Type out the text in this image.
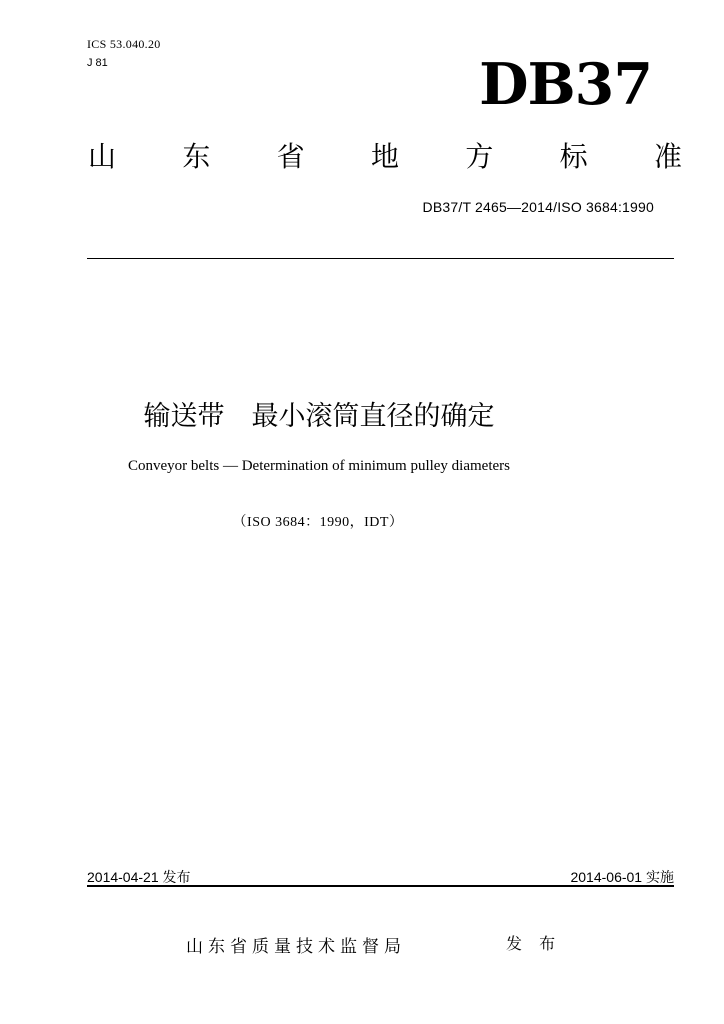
ICS 53.040.20
J 81	DB37
山 东 省 地 方 标 准
DB37/T 2465—2014/ISO 3684:1990
输送带　最小滚筒直径的确定
Conveyor belts — Determination of minimum pulley diameters
（ISO 3684：1990，IDT）
2014-04-21 发布	2014-06-01 实施
山东省质量技术监督局	发 布
